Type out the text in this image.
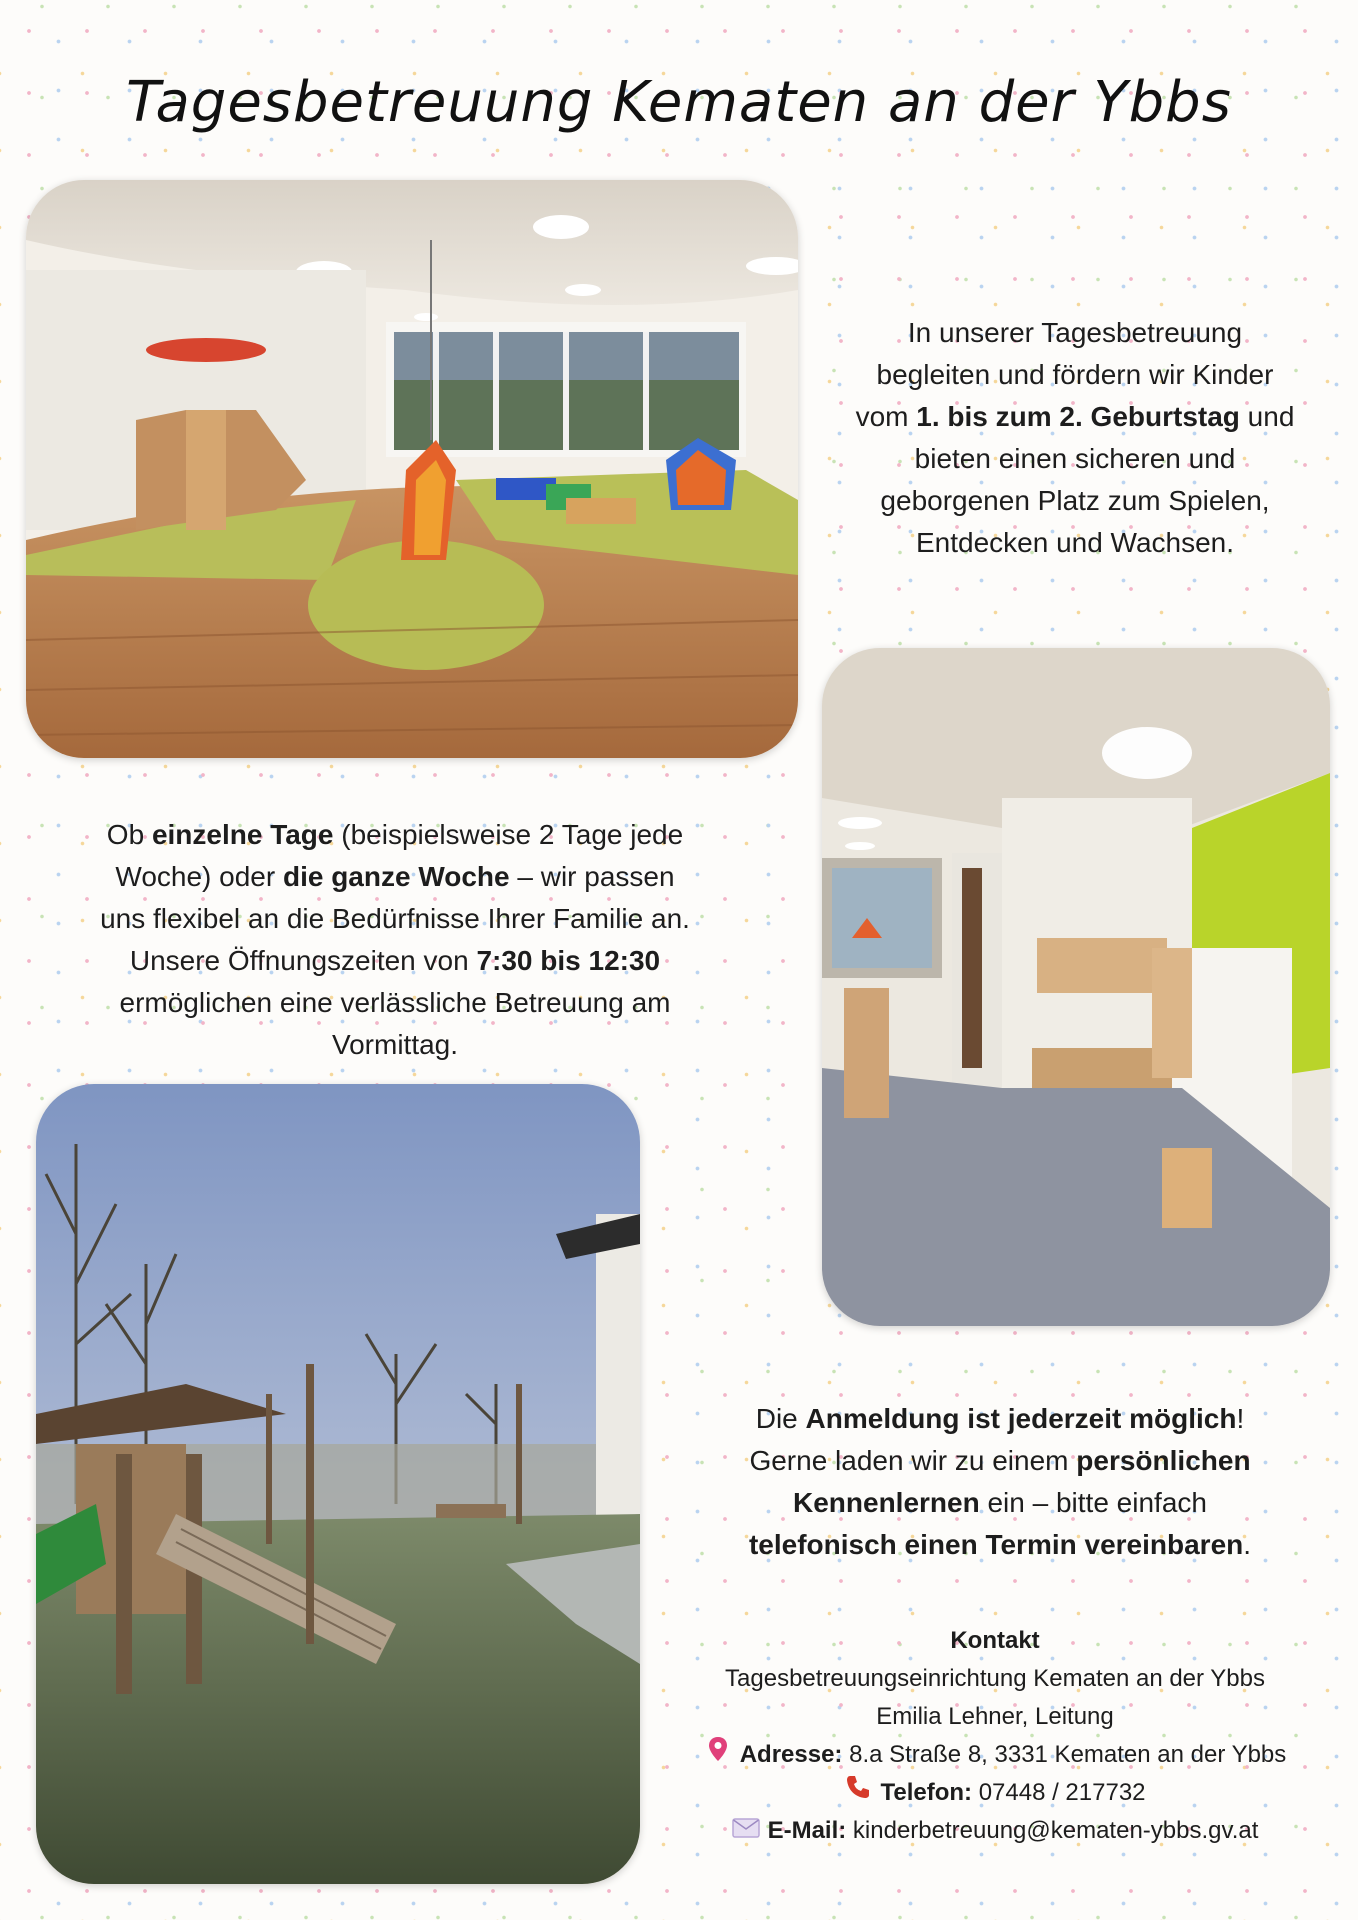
Tagesbetreuung Kematen an der Ybbs
In unserer Tagesbetreuung
begleiten und fördern wir Kinder
vom 1. bis zum 2. Geburtstag und
bieten einen sicheren und
geborgenen Platz zum Spielen,
Entdecken und Wachsen.
Ob einzelne Tage (beispielsweise 2 Tage jede
Woche) oder die ganze Woche – wir passen
uns flexibel an die Bedürfnisse Ihrer Familie an.
Unsere Öffnungszeiten von 7:30 bis 12:30
ermöglichen eine verlässliche Betreuung am
Vormittag.
Die Anmeldung ist jederzeit möglich!
Gerne laden wir zu einem persönlichen
Kennenlernen ein – bitte einfach
telefonisch einen Termin vereinbaren.
Kontakt
Tagesbetreuungseinrichtung Kematen an der Ybbs
Emilia Lehner, Leitung
Adresse: 8.a Straße 8, 3331 Kematen an der Ybbs
Telefon: 07448 / 217732
E-Mail: kinderbetreuung@kematen-ybbs.gv.at
